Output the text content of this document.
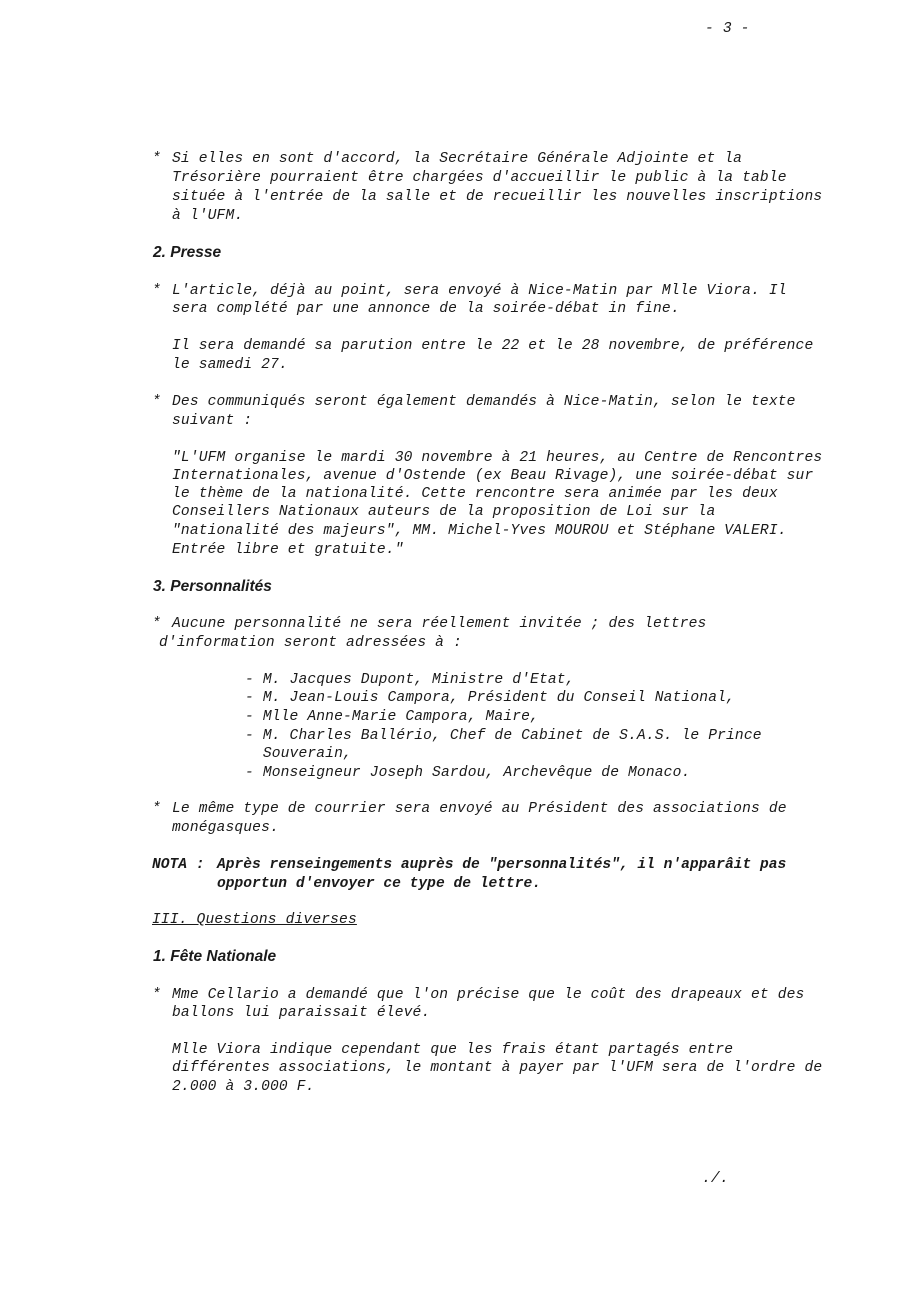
- 3 -
* Si elles en sont d'accord, la Secrétaire Générale Adjointe et la
Trésorière pourraient être chargées d'accueillir le public à la table
située à l'entrée de la salle et de recueillir les nouvelles inscriptions
à l'UFM.
2. Presse
* L'article, déjà au point, sera envoyé à Nice-Matin par Mlle Viora. Il
sera complété par une annonce de la soirée-débat in fine.
Il sera demandé sa parution entre le 22 et le 28 novembre, de préférence
le samedi 27.
* Des communiqués seront également demandés à Nice-Matin, selon le texte
suivant :
"L'UFM organise le mardi 30 novembre à 21 heures, au Centre de Rencontres
Internationales, avenue d'Ostende (ex Beau Rivage), une soirée-débat sur
le thème de la nationalité. Cette rencontre sera animée par les deux
Conseillers Nationaux auteurs de la proposition de Loi sur la
"nationalité des majeurs", MM. Michel-Yves MOUROU et Stéphane VALERI.
Entrée libre et gratuite."
3. Personnalités
* Aucune personnalité ne sera réellement invitée ; des lettres
d'information seront adressées à :
- M. Jacques Dupont, Ministre d'Etat,
- M. Jean-Louis Campora, Président du Conseil National,
- Mlle Anne-Marie Campora, Maire,
- M. Charles Ballério, Chef de Cabinet de S.A.S. le Prince
Souverain,
- Monseigneur Joseph Sardou, Archevêque de Monaco.
* Le même type de courrier sera envoyé au Président des associations de
monégasques.
NOTA : Après renseingements auprès de "personnalités", il n'apparâit pas
opportun d'envoyer ce type de lettre.
III. Questions diverses
1. Fête Nationale
* Mme Cellario a demandé que l'on précise que le coût des drapeaux et des
ballons lui paraissait élevé.
Mlle Viora indique cependant que les frais étant partagés entre
différentes associations, le montant à payer par l'UFM sera de l'ordre de
2.000 à 3.000 F.
./.
